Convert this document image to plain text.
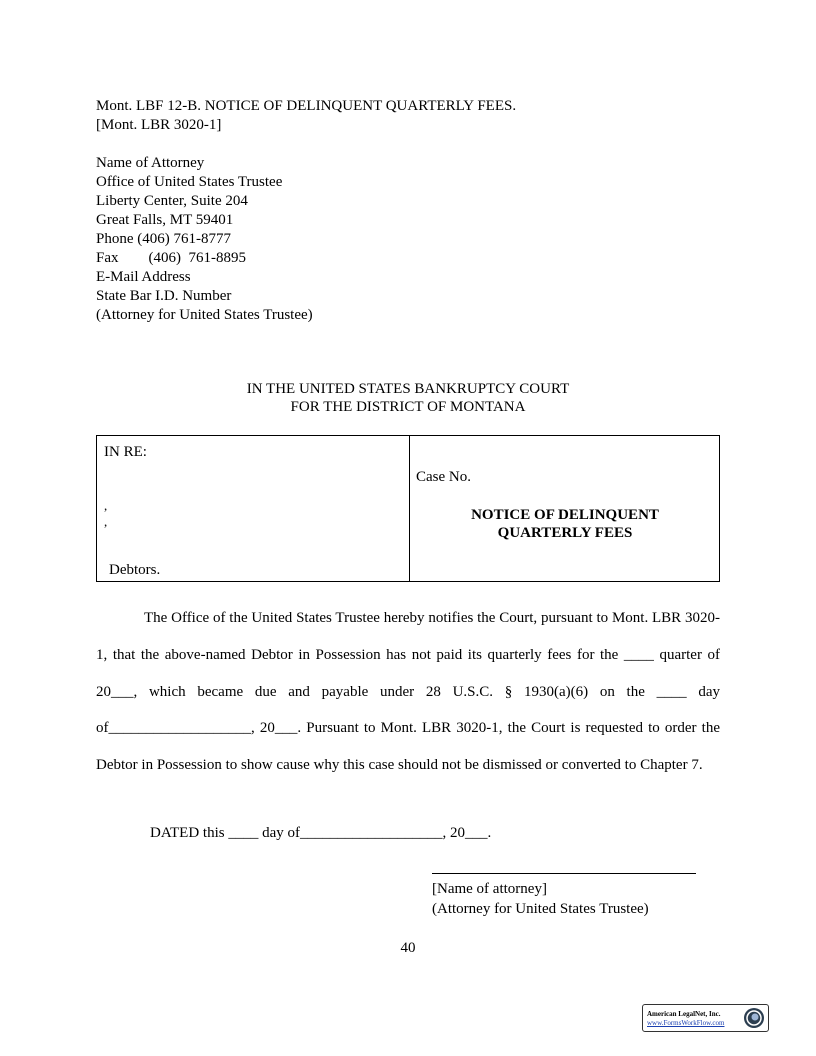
Mont. LBF 12-B. NOTICE OF DELINQUENT QUARTERLY FEES.
[Mont. LBR 3020-1]
Name of Attorney
Office of United States Trustee
Liberty Center, Suite 204
Great Falls, MT 59401
Phone (406) 761-8777
Fax        (406)  761-8895
E-Mail Address
State Bar I.D. Number
(Attorney for United States Trustee)
IN THE UNITED STATES BANKRUPTCY COURT
FOR THE DISTRICT OF MONTANA
IN RE:
,
,
Debtors.
Case No.
NOTICE OF DELINQUENT
QUARTERLY FEES

The Office of the United States Trustee hereby notifies the Court, pursuant to Mont. LBR 3020-1, that the above-named Debtor in Possession has not paid its quarterly fees for the ____ quarter of 20___, which became due and payable under 28 U.S.C. § 1930(a)(6) on the ____ day of___________________, 20___. Pursuant to Mont. LBR 3020-1, the Court is requested to order the Debtor in Possession to show cause why this case should not be dismissed or converted to Chapter 7.

DATED this ____ day of___________________, 20___.
[Name of attorney]
(Attorney for United States Trustee)
40
American LegalNet, Inc.
www.FormsWorkFlow.com
